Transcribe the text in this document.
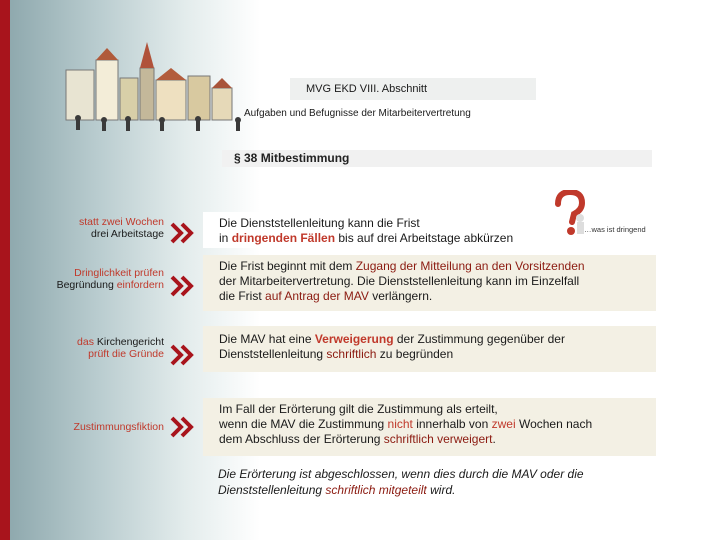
MVG EKD VIII. Abschnitt
Aufgaben und Befugnisse der Mitarbeitervertretung
§ 38 Mitbestimmung
statt zwei Wochen
drei Arbeitstage
Die Dienststellenleitung kann die Frist
in dringenden Fällen bis auf drei Arbeitstage abkürzen
…was ist dringend
Dringlichkeit prüfen
Begründung einfordern
Die Frist beginnt mit dem Zugang der Mitteilung an den Vorsitzenden
der Mitarbeitervertretung. Die Dienststellenleitung kann im Einzelfall
die Frist auf Antrag der MAV verlängern.
das Kirchengericht
prüft die Gründe
Die MAV hat eine Verweigerung der Zustimmung gegenüber der
Dienststellenleitung schriftlich zu begründen
Zustimmungsfiktion
Im Fall der Erörterung gilt die Zustimmung als erteilt,
wenn die MAV die Zustimmung nicht innerhalb von zwei Wochen nach
dem Abschluss der Erörterung schriftlich verweigert.
Die Erörterung ist abgeschlossen, wenn dies durch die MAV oder die
Dienststellenleitung schriftlich mitgeteilt wird.
